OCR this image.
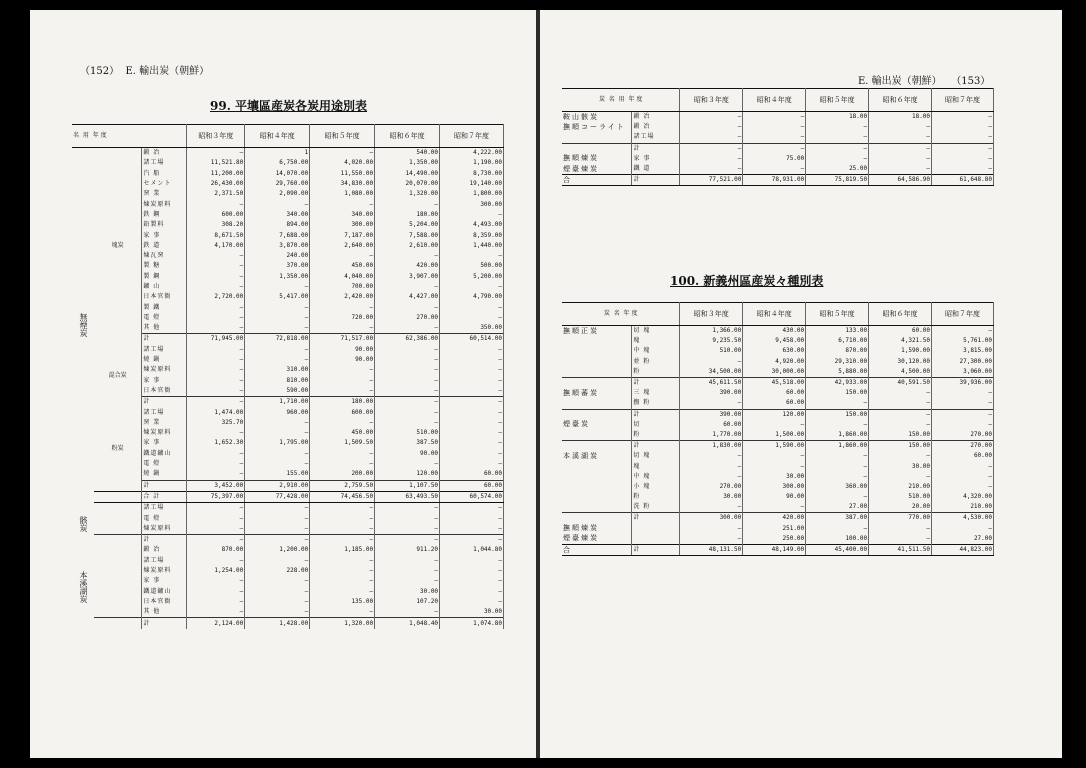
（152） E. 輸出炭（朝鮮）
99. 平壤區産炭各炭用途別表
名 用 年 度			昭和３年度	昭和４年度	昭和５年度	昭和６年度	昭和７年度
無煙炭	塊炭	鍛 冶	—	1	—	540.00	4,222.00
		諸工場	11,521.80	6,750.00	4,020.00	1,350.00	1,190.00
		汽 船	11,200.00	14,070.00	11,550.00	14,490.00	8,730.00
		セメント	26,430.00	29,760.00	34,830.00	20,070.00	19,140.00
		窯 業	2,371.50	2,090.00	1,080.00	1,320.00	1,800.00
		煉炭原料	—	—	—	—	300.00
		鉄 鋼	600.00	340.00	340.00	180.00	—
		鉛製料	308.20	894.00	300.00	5,204.00	4,493.00
		家 事	8,671.50	7,688.00	7,187.00	7,588.00	8,359.00
		鉄 道	4,170.00	3,870.00	2,640.00	2,610.00	1,440.00
		煉瓦窯	—	240.00	—	—	—
		製 糖	—	370.00	450.00	420.00	500.00
		製 鋼	—	1,350.00	4,040.00	3,907.00	5,200.00
		鑛 山	—	—	700.00	—	—
		日本官衙	2,720.00	5,417.00	2,420.00	4,427.00	4,790.00
		製 鐵	—	—	—	—	—
		電 燈	—	—	720.00	270.00	—
		其 他	—	—	—	—	350.00
		計	71,945.00	72,818.00	71,517.00	62,386.00	60,514.00
	混合炭	諸工場	—	—	90.00	—	—
		燒 鍋	—	—	90.00	—	—
		煉炭原料	—	310.00	—	—	—
		家 事	—	810.00	—	—	—
		日本官衙	—	590.00	—	—	—
		計	—	1,710.00	180.00	—	—
	粉炭	諸工場	1,474.00	960.00	600.00	—	—
		窯 業	325.70	—	—	—	—
		煉炭原料	—	—	450.00	510.00	—
		家 事	1,652.30	1,795.00	1,509.50	387.50	—
		鐵道鑛山	—	—	—	90.00	—
		電 燈	—	—	—	—	—
		燒 鍋	—	155.00	200.00	120.00	60.00
		計	3,452.00	2,910.00	2,759.50	1,107.50	60.00
		合 計	75,397.00	77,428.00	74,456.50	63,493.50	60,574.00
骸炭		諸工場	—	—	—	—	—
		電 燈	—	—	—	—	—
		煉炭原料	—	—	—	—	—
		計	—	—	—	—	—
本溪湖炭		鍛 冶	870.00	1,200.00	1,185.00	911.20	1,044.80
		諸工場	—	—	—	—	—
		煉炭原料	1,254.00	228.00	—	—	—
		家 事	—	—	—	—	—
		鐵道鑛山	—	—	—	30.00	—
		日本官衙	—	—	135.00	107.20	—
		其 他	—	—	—	—	30.00
		計	2,124.00	1,428.00	1,320.00	1,048.40	1,074.80
E. 輸出炭（朝鮮） （153）
炭 名 用 年 度		昭和３年度	昭和４年度	昭和５年度	昭和６年度	昭和７年度
鞍山骸炭	鍛 冶	—	—	18.00	18.00	—
撫順コーライト	鍛 冶	—	—	—	—	—
	諸工場	—	—	—	—	—
	計	—	—	—	—	—
撫順煉炭	家 事	—	75.00	—	—	—
煙臺煉炭	鐵 道	—	—	25.00	—	—
合	計	77,521.00	78,931.00	75,819.50	64,586.90	61,648.80
100. 新義州區産炭々種別表
炭 名 年 度		昭和３年度	昭和４年度	昭和５年度	昭和６年度	昭和７年度
撫順正炭	切 塊	1,366.00	430.00	133.00	60.00	—
	塊	9,235.50	9,458.00	6,710.00	4,321.50	5,761.00
	中 塊	510.00	630.00	870.00	1,590.00	3,815.00
	並 粉	—	4,920.00	29,310.00	30,120.00	27,300.00
	粉	34,500.00	30,000.00	5,880.00	4,500.00	3,060.00
	計	45,611.50	45,518.00	42,933.00	40,591.50	39,936.00
撫順蕃炭	三 塊	390.00	60.00	150.00	—	—
	撫 粉	—	60.00	—	—	—
	計	390.00	120.00	150.00	—	—
煙臺炭	切	60.00	—	—	—	—
	粉	1,770.00	1,500.00	1,860.00	150.00	270.00
	計	1,830.00	1,590.00	1,860.00	150.00	270.00
本溪湖炭	切 塊	—	—	—	—	60.00
	塊	—	—	—	30.00	—
	中 塊	—	30.00	—	—	—
	小 塊	270.00	300.00	360.00	210.00	—
	粉	30.00	90.00	—	510.00	4,320.00
	洗 粉	—	—	27.00	20.00	210.00
	計	300.00	420.00	387.00	770.00	4,530.00
撫順煉炭		—	251.00	—	—	—
煙臺煉炭		—	250.00	100.00	—	27.00
合	計	48,131.50	48,149.00	45,400.00	41,511.50	44,823.00
